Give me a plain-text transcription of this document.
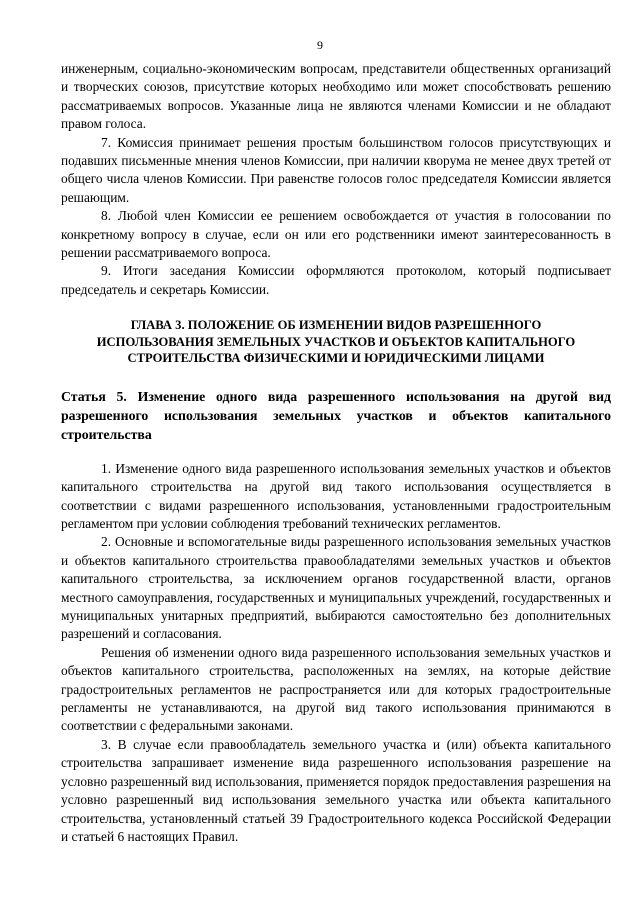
9

инженерным, социально-экономическим вопросам, представители общественных организаций и творческих союзов, присутствие которых необходимо или может способствовать решению рассматриваемых вопросов. Указанные лица не являются членами Комиссии и не обладают правом голоса.

7. Комиссия принимает решения простым большинством голосов присутствующих и подавших письменные мнения членов Комиссии, при наличии кворума не менее двух третей от общего числа членов Комиссии. При равенстве голосов голос председателя Комиссии является решающим.

8. Любой член Комиссии ее решением освобождается от участия в голосовании по конкретному вопросу в случае, если он или его родственники имеют заинтересованность в решении рассматриваемого вопроса.

9. Итоги заседания Комиссии оформляются протоколом, который подписывает председатель и секретарь Комиссии.

ГЛАВА 3. ПОЛОЖЕНИЕ ОБ ИЗМЕНЕНИИ ВИДОВ РАЗРЕШЕННОГО ИСПОЛЬЗОВАНИЯ ЗЕМЕЛЬНЫХ УЧАСТКОВ И ОБЪЕКТОВ КАПИТАЛЬНОГО СТРОИТЕЛЬСТВА ФИЗИЧЕСКИМИ И ЮРИДИЧЕСКИМИ ЛИЦАМИ

Статья 5. Изменение одного вида разрешенного использования на другой вид разрешенного использования земельных участков и объектов капитального строительства

1. Изменение одного вида разрешенного использования земельных участков и объектов капитального строительства на другой вид такого использования осуществляется в соответствии с видами разрешенного использования, установленными градостроительным регламентом при условии соблюдения требований технических регламентов.

2. Основные и вспомогательные виды разрешенного использования земельных участков и объектов капитального строительства правообладателями земельных участков и объектов капитального строительства, за исключением органов государственной власти, органов местного самоуправления, государственных и муниципальных учреждений, государственных и муниципальных унитарных предприятий, выбираются самостоятельно без дополнительных разрешений и согласования.

Решения об изменении одного вида разрешенного использования земельных участков и объектов капитального строительства, расположенных на землях, на которые действие градостроительных регламентов не распространяется или для которых градостроительные регламенты не устанавливаются, на другой вид такого использования принимаются в соответствии с федеральными законами.

3. В случае если правообладатель земельного участка и (или) объекта капитального строительства запрашивает изменение вида разрешенного использования разрешение на условно разрешенный вид использования, применяется порядок предоставления разрешения на условно разрешенный вид использования земельного участка или объекта капитального строительства, установленный статьей 39 Градостроительного кодекса Российской Федерации и статьей 6 настоящих Правил.
